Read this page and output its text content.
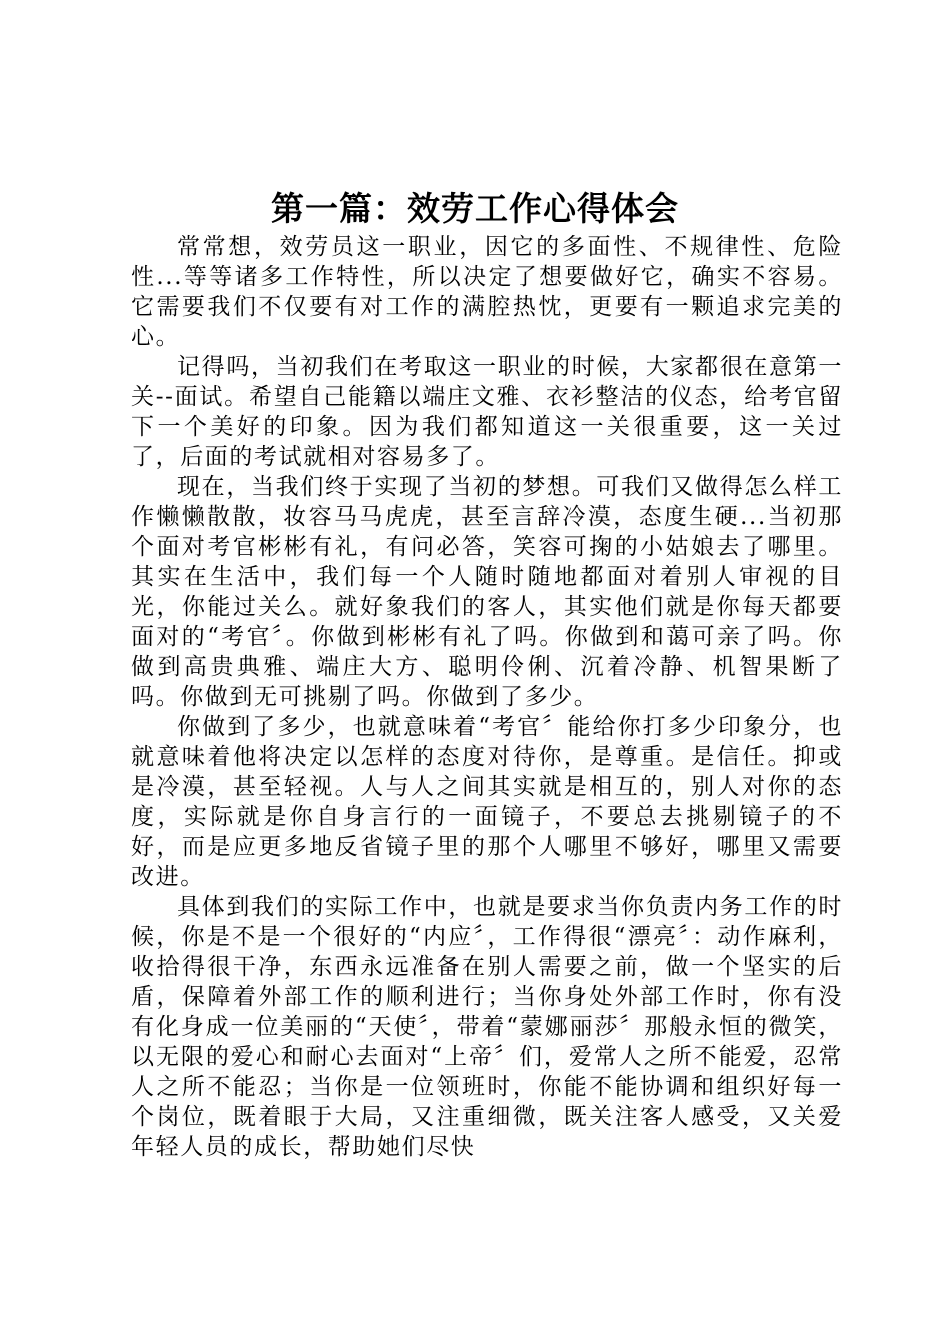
第一篇：效劳工作心得体会

常常想，效劳员这一职业，因它的多面性、不规律性、危险性...等等诸多工作特性，所以决定了想要做好它，确实不容易。它需要我们不仅要有对工作的满腔热忱，更要有一颗追求完美的心。

记得吗，当初我们在考取这一职业的时候，大家都很在意第一关--面试。希望自己能籍以端庄文雅、衣衫整洁的仪态，给考官留下一个美好的印象。因为我们都知道这一关很重要，这一关过了，后面的考试就相对容易多了。

现在，当我们终于实现了当初的梦想。可我们又做得怎么样工作懒懒散散，妆容马马虎虎，甚至言辞冷漠，态度生硬...当初那个面对考官彬彬有礼，有问必答，笑容可掬的小姑娘去了哪里。其实在生活中，我们每一个人随时随地都面对着别人审视的目光，你能过关么。就好象我们的客人，其实他们就是你每天都要面对的“考官〞。你做到彬彬有礼了吗。你做到和蔼可亲了吗。你做到高贵典雅、端庄大方、聪明伶俐、沉着冷静、机智果断了吗。你做到无可挑剔了吗。你做到了多少。

你做到了多少，也就意味着“考官〞能给你打多少印象分，也就意味着他将决定以怎样的态度对待你，是尊重。是信任。抑或是冷漠，甚至轻视。人与人之间其实就是相互的，别人对你的态度，实际就是你自身言行的一面镜子，不要总去挑剔镜子的不好，而是应更多地反省镜子里的那个人哪里不够好，哪里又需要改进。

具体到我们的实际工作中，也就是要求当你负责内务工作的时候，你是不是一个很好的“内应〞，工作得很“漂亮〞：动作麻利，收拾得很干净，东西永远准备在别人需要之前，做一个坚实的后盾，保障着外部工作的顺利进行；当你身处外部工作时，你有没有化身成一位美丽的“天使〞，带着“蒙娜丽莎〞那般永恒的微笑，以无限的爱心和耐心去面对“上帝〞们，爱常人之所不能爱，忍常人之所不能忍；当你是一位领班时，你能不能协调和组织好每一个岗位，既着眼于大局，又注重细微，既关注客人感受，又关爱年轻人员的成长，帮助她们尽快
